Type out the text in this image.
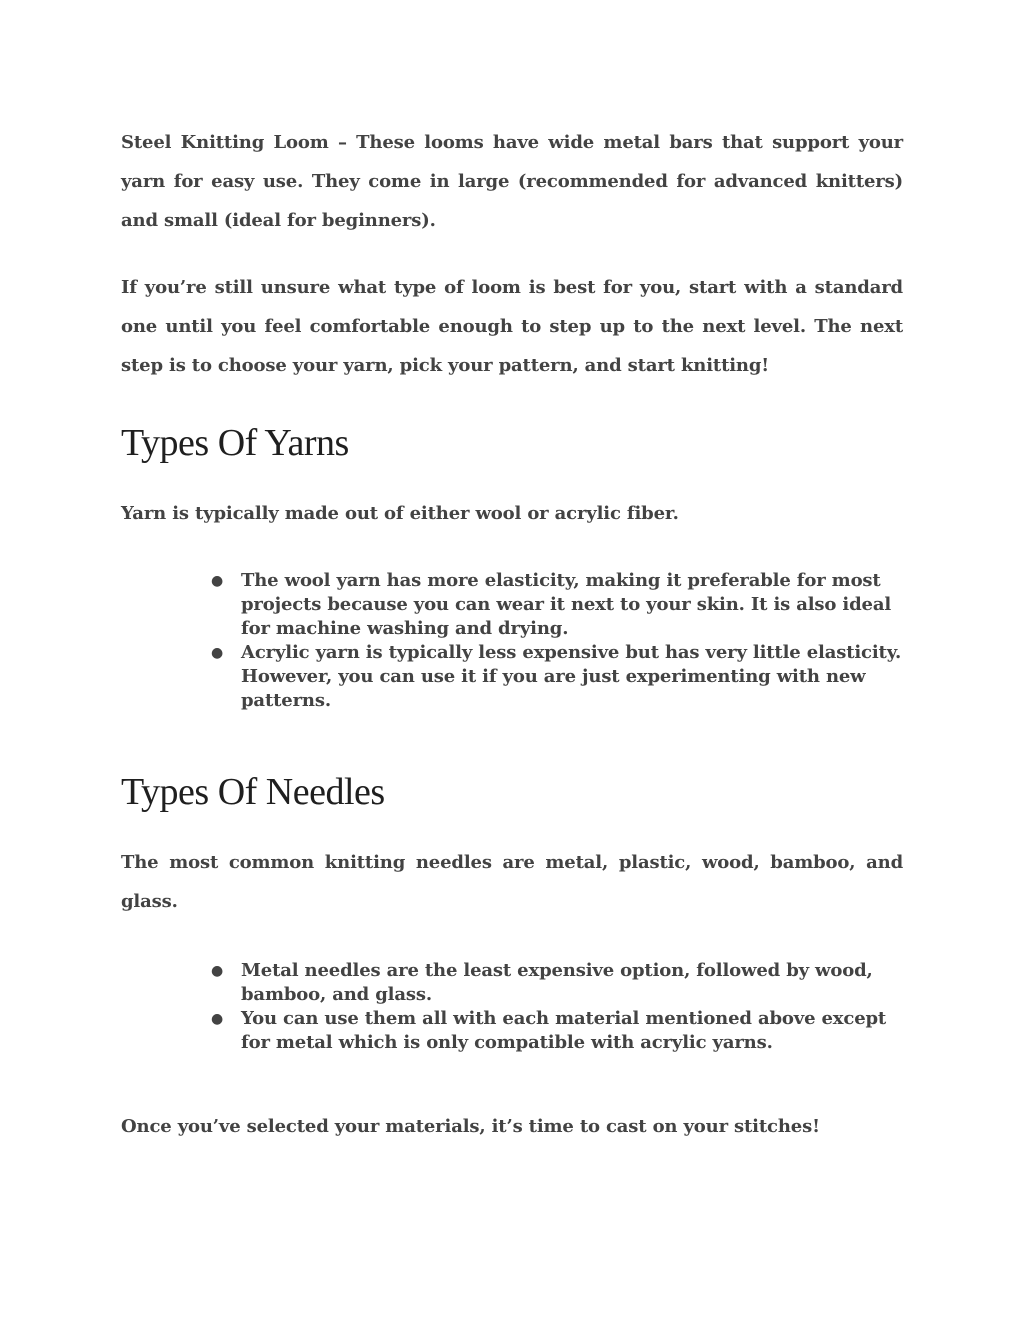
Steel Knitting Loom – These looms have wide metal bars that support your yarn for easy use. They come in large (recommended for advanced knitters) and small (ideal for beginners).

If you’re still unsure what type of loom is best for you, start with a standard one until you feel comfortable enough to step up to the next level. The next step is to choose your yarn, pick your pattern, and start knitting!

Types Of Yarns

Yarn is typically made out of either wool or acrylic fiber.

● The wool yarn has more elasticity, making it preferable for most projects because you can wear it next to your skin. It is also ideal for machine washing and drying.
● Acrylic yarn is typically less expensive but has very little elasticity. However, you can use it if you are just experimenting with new patterns.
Types Of Needles

The most common knitting needles are metal, plastic, wood, bamboo, and glass.

● Metal needles are the least expensive option, followed by wood, bamboo, and glass.
● You can use them all with each material mentioned above except for metal which is only compatible with acrylic yarns.

Once you’ve selected your materials, it’s time to cast on your stitches!
